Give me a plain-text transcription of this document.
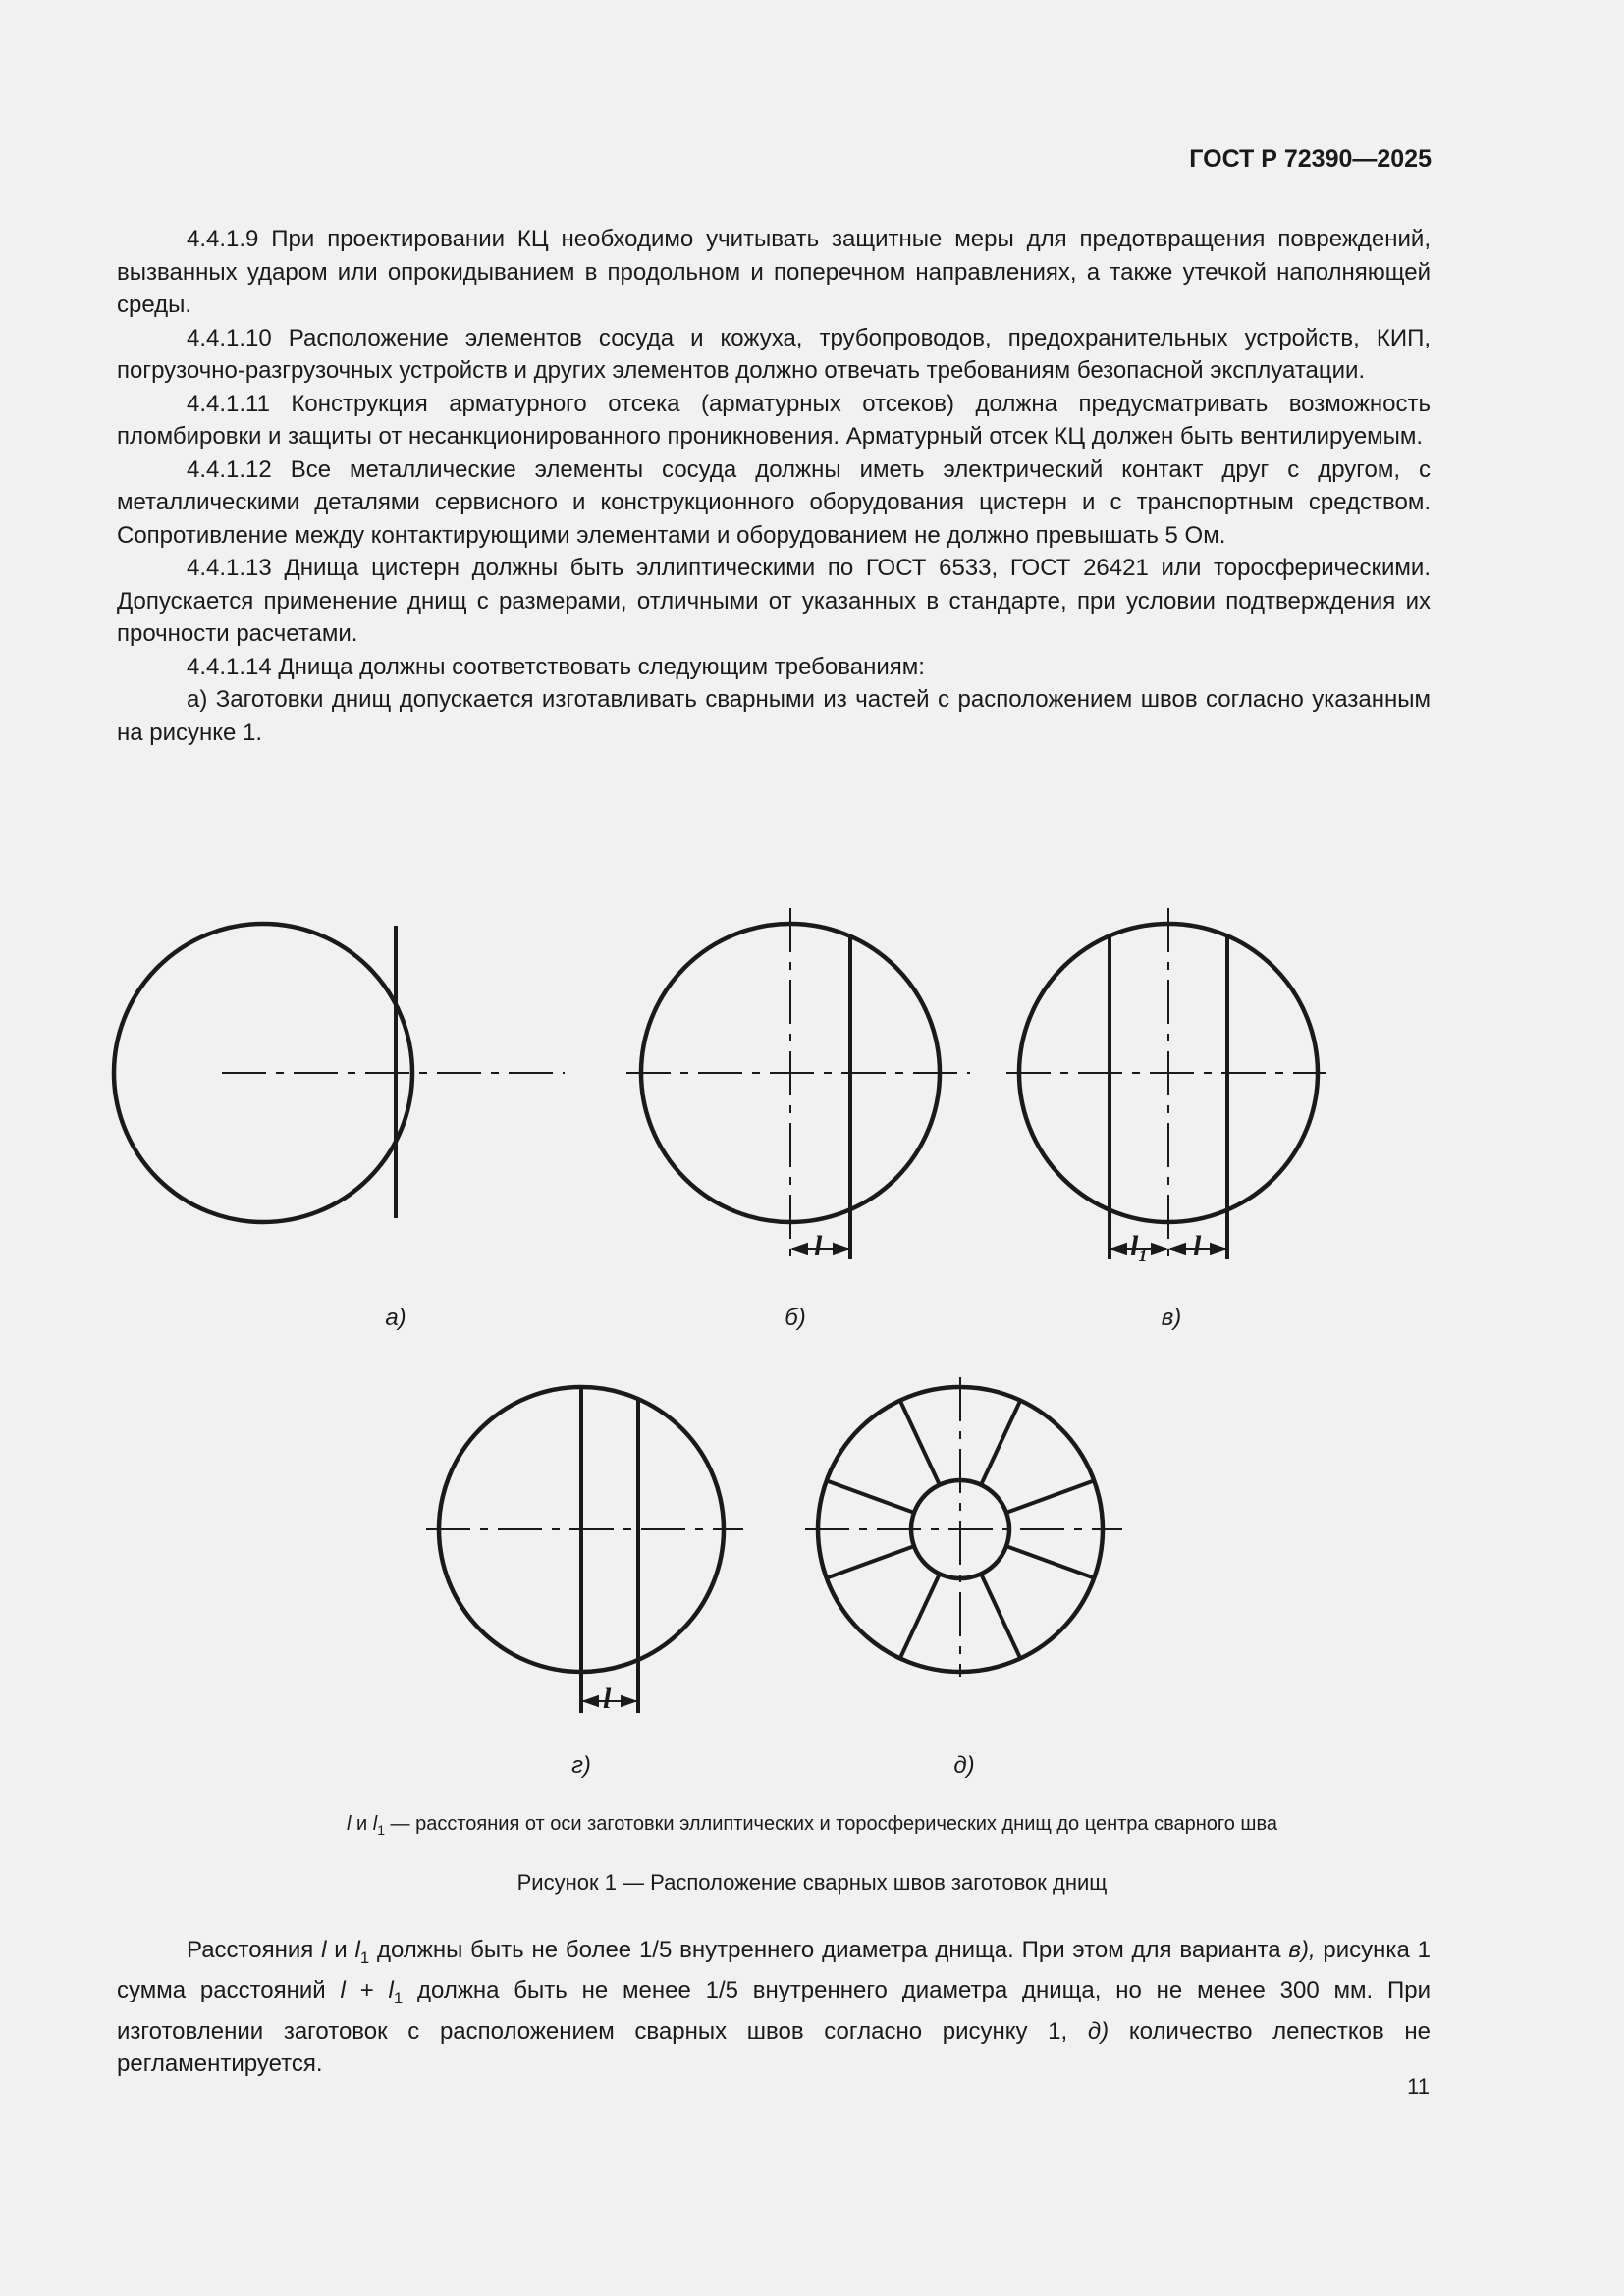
ГОСТ Р 72390—2025

4.4.1.9 При проектировании КЦ необходимо учитывать защитные меры для предотвращения повреждений, вызванных ударом или опрокидыванием в продольном и поперечном направлениях, а также утечкой наполняющей среды.

4.4.1.10 Расположение элементов сосуда и кожуха, трубопроводов, предохранительных устройств, КИП, погрузочно-разгрузочных устройств и других элементов должно отвечать требованиям безопасной эксплуатации.

4.4.1.11 Конструкция арматурного отсека (арматурных отсеков) должна предусматривать возможность пломбировки и защиты от несанкционированного проникновения. Арматурный отсек КЦ должен быть вентилируемым.

4.4.1.12 Все металлические элементы сосуда должны иметь электрический контакт друг с другом, с металлическими деталями сервисного и конструкционного оборудования цистерн и с транспортным средством. Сопротивление между контактирующими элементами и оборудованием не должно превышать 5 Ом.

4.4.1.13 Днища цистерн должны быть эллиптическими по ГОСТ 6533, ГОСТ 26421 или торосферическими. Допускается применение днищ с размерами, отличными от указанных в стандарте, при условии подтверждения их прочности расчетами.

4.4.1.14 Днища должны соответствовать следующим требованиям:

а) Заготовки днищ допускается изготавливать сварными из частей с расположением швов согласно указанным на рисунке 1.

l	$l_1$ l
l
а)	б)	в)
г)	д)
l и $l_1$ — расстояния от оси заготовки эллиптических и торосферических днищ до центра сварного шва
Рисунок 1 — Расположение сварных швов заготовок днищ

Расстояния l и $l_1$ должны быть не более 1/5 внутреннего диаметра днища. При этом для варианта в), рисунка 1 сумма расстояний $l + l_1$ должна быть не менее 1/5 внутреннего диаметра днища, но не менее 300 мм. При изготовлении заготовок с расположением сварных швов согласно рисунку 1, д) количество лепестков не регламентируется.

11
